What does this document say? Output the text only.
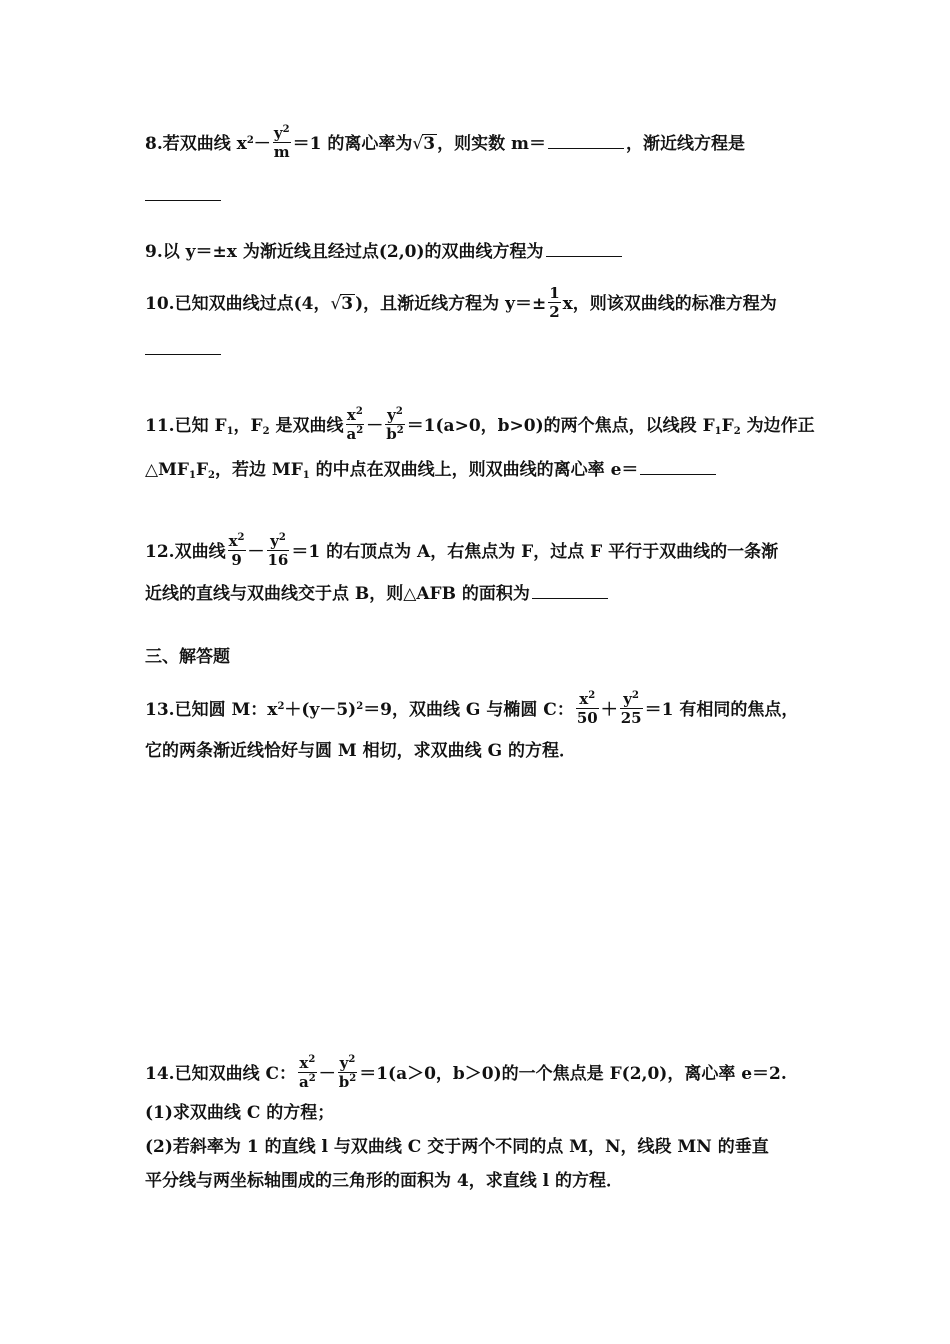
8.若双曲线 $x^2- \frac{y^2}{m} =1$ 的离心率为√3 ，则实数 m＝	，渐近线方程是
9.以 y＝±x 为渐近线且经过点(2,0)的双曲线方程为
10.已知双曲线过点(4，√3 )，且渐近线方程为 $y=\pm \frac{1}{2}$ x，则该双曲线的标准方程为
11.已知 $F_1$，$F_2$ 是双曲线 $\frac{x^2}{a^2} - \frac{y^2}{b^2} =1(a>0$，b>0)的两个焦点，以线段 $F_1F_2$ 为边作正
$\triangle MF_1F_2$，若边 $MF_1$ 的中点在双曲线上，则双曲线的离心率 e＝
12.双曲线 $\frac{x^2}{9} - \frac{y^2}{16} =1$ 的右顶点为 A，右焦点为 F，过点 F 平行于双曲线的一条渐
近线的直线与双曲线交于点 B，则△AFB 的面积为
三、解答题
13.已知圆 M：$x^2+(y-5)^2=9$，双曲线 G 与椭圆 C： $\frac{x^2}{50} + \frac{y^2}{25} =1$ 有相同的焦点，
它的两条渐近线恰好与圆 M 相切，求双曲线 G 的方程．
14.已知双曲线 C： $\frac{x^2}{a^2} - \frac{y^2}{b^2} =1(a>0$，b＞0)的一个焦点是 F(2,0)，离心率 e＝2.
(1)求双曲线 C 的方程；
(2)若斜率为 1 的直线 l 与双曲线 C 交于两个不同的点 M，N，线段 MN 的垂直
平分线与两坐标轴围成的三角形的面积为 4，求直线 l 的方程．
